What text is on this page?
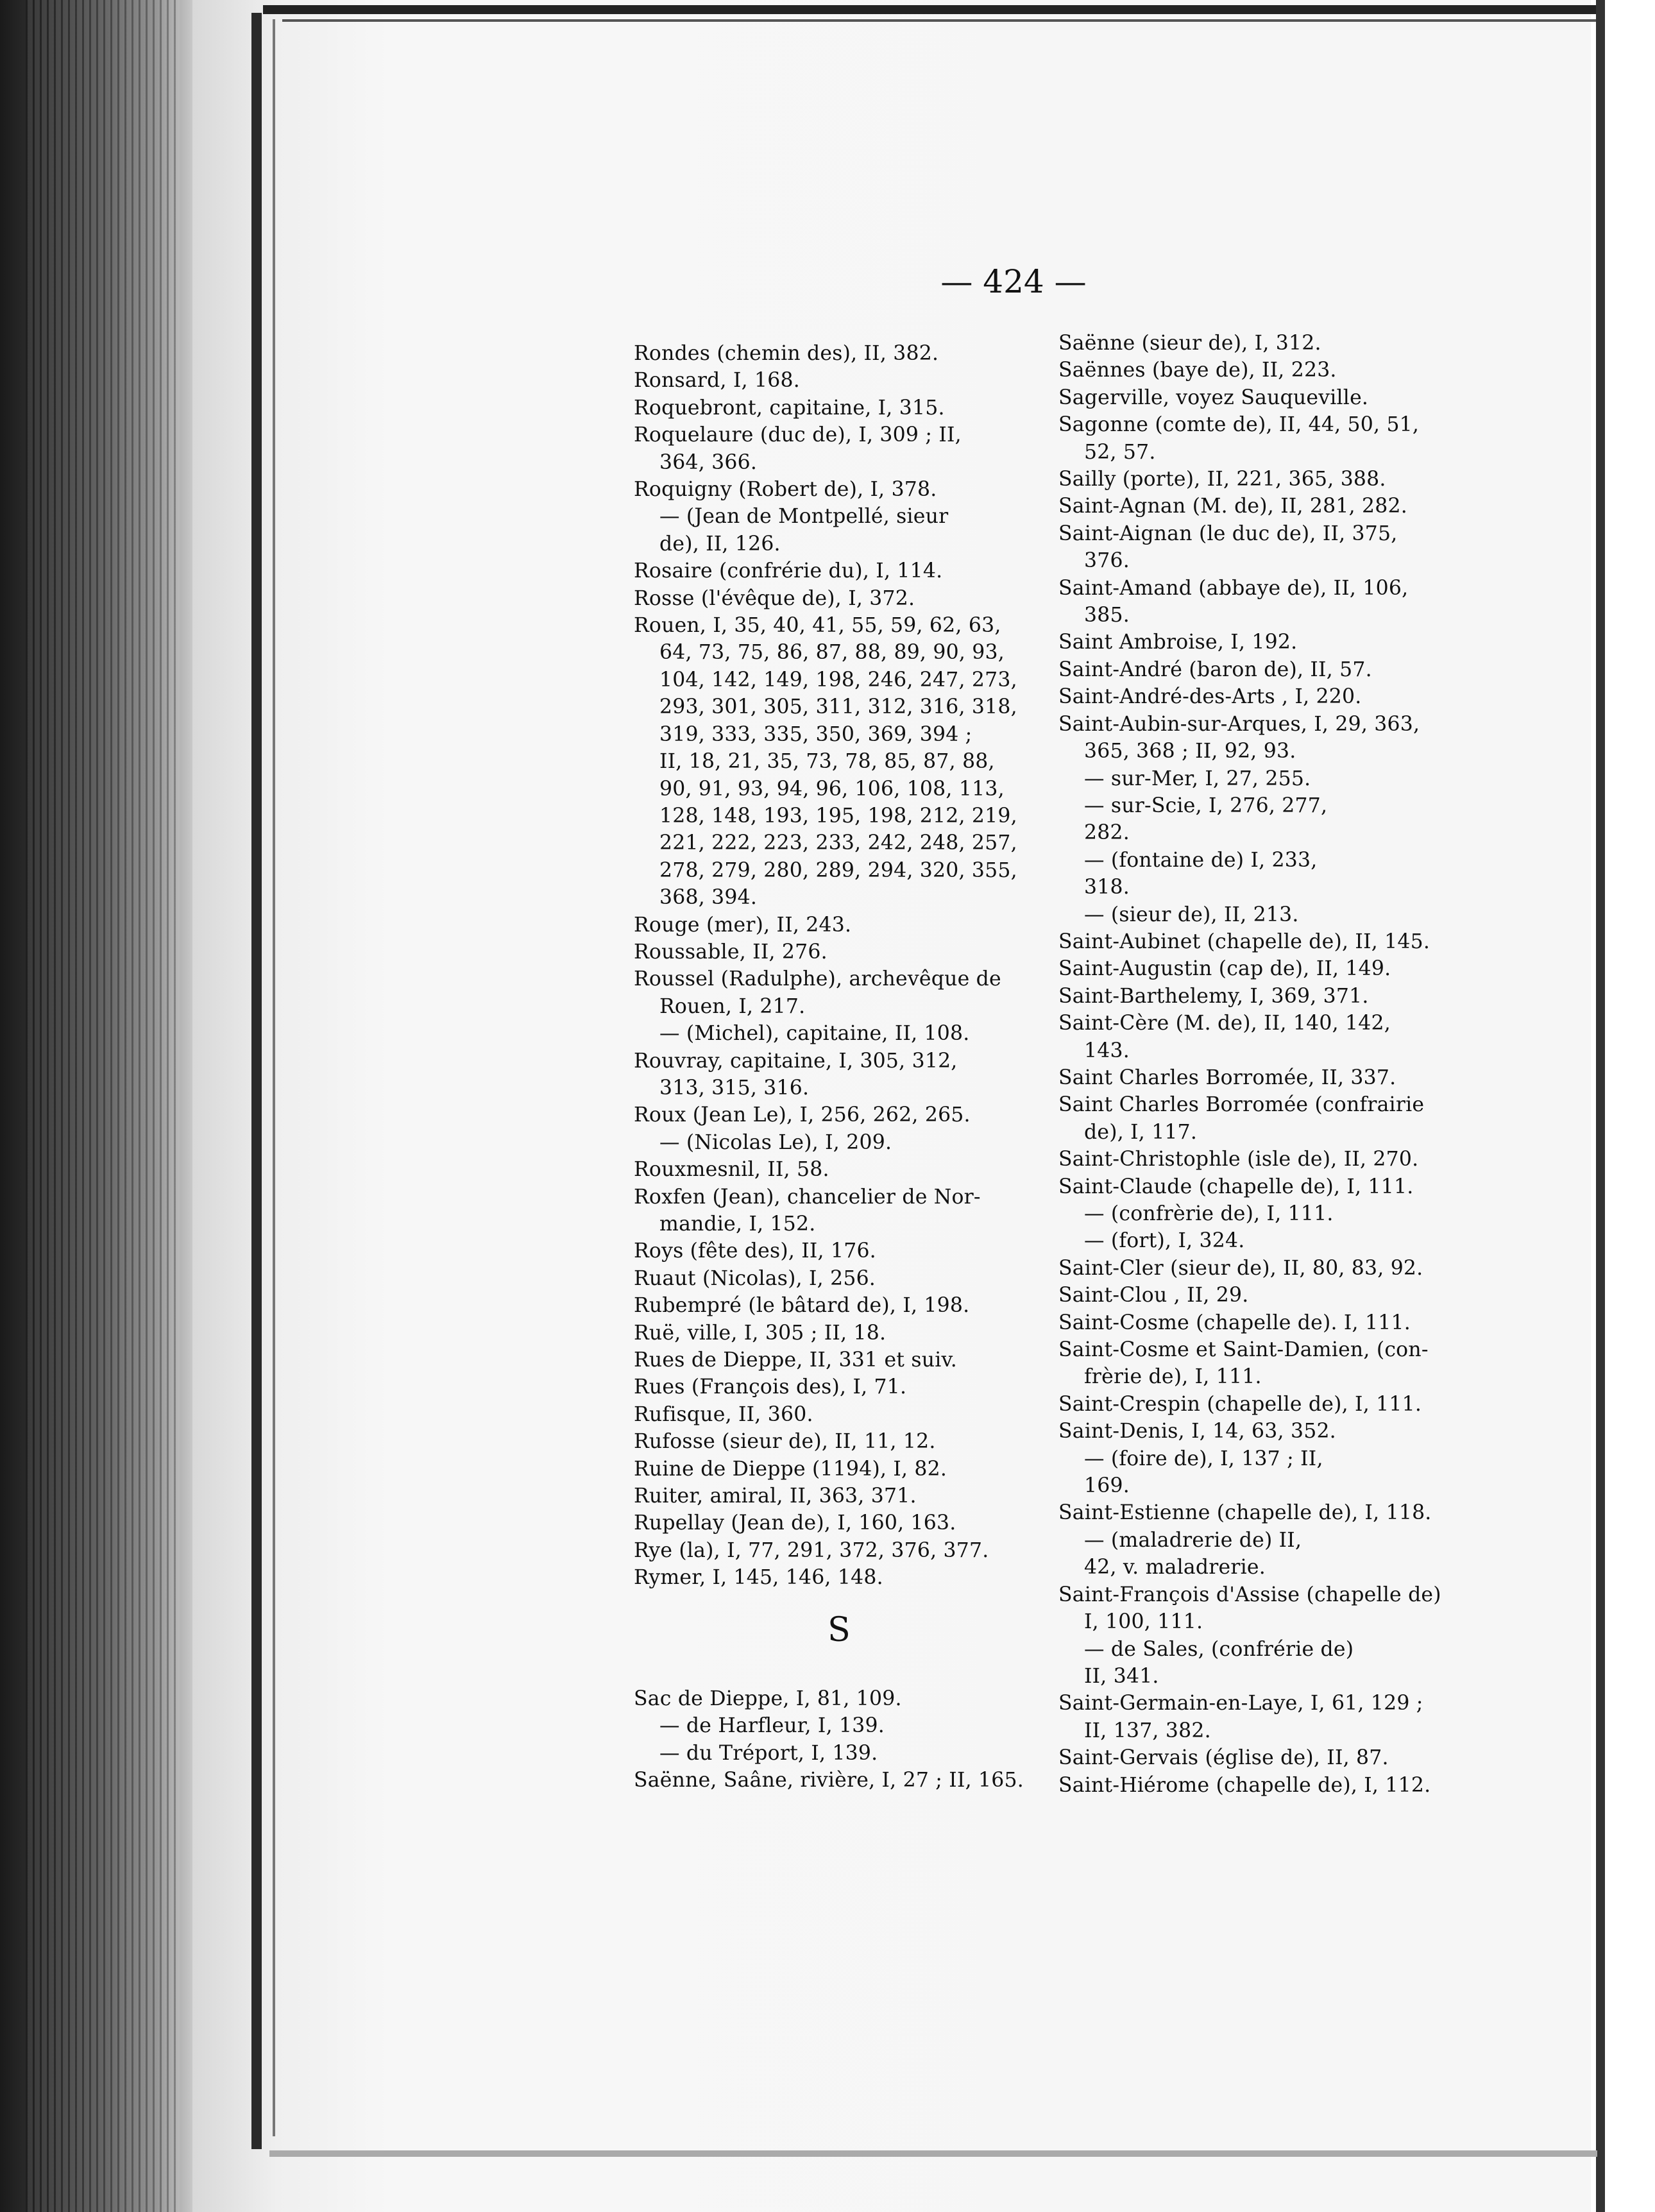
— 424 —
Rondes (chemin des), II, 382.
Ronsard, I, 168.
Roquebront, capitaine, I, 315.
Roquelaure (duc de), I, 309 ; II,
364, 366.
Roquigny (Robert de), I, 378.
— (Jean de Montpellé, sieur
de), II, 126.
Rosaire (confrérie du), I, 114.
Rosse (l'évêque de), I, 372.
Rouen, I, 35, 40, 41, 55, 59, 62, 63,
64, 73, 75, 86, 87, 88, 89, 90, 93,
104, 142, 149, 198, 246, 247, 273,
293, 301, 305, 311, 312, 316, 318,
319, 333, 335, 350, 369, 394 ;
II, 18, 21, 35, 73, 78, 85, 87, 88,
90, 91, 93, 94, 96, 106, 108, 113,
128, 148, 193, 195, 198, 212, 219,
221, 222, 223, 233, 242, 248, 257,
278, 279, 280, 289, 294, 320, 355,
368, 394.
Rouge (mer), II, 243.
Roussable, II, 276.
Roussel (Radulphe), archevêque de
Rouen, I, 217.
— (Michel), capitaine, II, 108.
Rouvray, capitaine, I, 305, 312,
313, 315, 316.
Roux (Jean Le), I, 256, 262, 265.
— (Nicolas Le), I, 209.
Rouxmesnil, II, 58.
Roxfen (Jean), chancelier de Nor-
mandie, I, 152.
Roys (fête des), II, 176.
Ruaut (Nicolas), I, 256.
Rubempré (le bâtard de), I, 198.
Ruë, ville, I, 305 ; II, 18.
Rues de Dieppe, II, 331 et suiv.
Rues (François des), I, 71.
Rufisque, II, 360.
Rufosse (sieur de), II, 11, 12.
Ruine de Dieppe (1194), I, 82.
Ruiter, amiral, II, 363, 371.
Rupellay (Jean de), I, 160, 163.
Rye (la), I, 77, 291, 372, 376, 377.
Rymer, I, 145, 146, 148.
S
Sac de Dieppe, I, 81, 109.
— de Harfleur, I, 139.
— du Tréport, I, 139.
Saënne, Saâne, rivière, I, 27 ; II, 165.
Saënne (sieur de), I, 312.
Saënnes (baye de), II, 223.
Sagerville, voyez Sauqueville.
Sagonne (comte de), II, 44, 50, 51,
52, 57.
Sailly (porte), II, 221, 365, 388.
Saint-Agnan (M. de), II, 281, 282.
Saint-Aignan (le duc de), II, 375,
376.
Saint-Amand (abbaye de), II, 106,
385.
Saint Ambroise, I, 192.
Saint-André (baron de), II, 57.
Saint-André-des-Arts , I, 220.
Saint-Aubin-sur-Arques, I, 29, 363,
365, 368 ; II, 92, 93.
— sur-Mer, I, 27, 255.
— sur-Scie, I, 276, 277,
282.
— (fontaine de) I, 233,
318.
— (sieur de), II, 213.
Saint-Aubinet (chapelle de), II, 145.
Saint-Augustin (cap de), II, 149.
Saint-Barthelemy, I, 369, 371.
Saint-Cère (M. de), II, 140, 142,
143.
Saint Charles Borromée, II, 337.
Saint Charles Borromée (confrairie
de), I, 117.
Saint-Christophle (isle de), II, 270.
Saint-Claude (chapelle de), I, 111.
— (confrèrie de), I, 111.
— (fort), I, 324.
Saint-Cler (sieur de), II, 80, 83, 92.
Saint-Clou , II, 29.
Saint-Cosme (chapelle de). I, 111.
Saint-Cosme et Saint-Damien, (con-
frèrie de), I, 111.
Saint-Crespin (chapelle de), I, 111.
Saint-Denis, I, 14, 63, 352.
— (foire de), I, 137 ; II,
169.
Saint-Estienne (chapelle de), I, 118.
— (maladrerie de) II,
42, v. maladrerie.
Saint-François d'Assise (chapelle de)
I, 100, 111.
— de Sales, (confrérie de)
II, 341.
Saint-Germain-en-Laye, I, 61, 129 ;
II, 137, 382.
Saint-Gervais (église de), II, 87.
Saint-Hiérome (chapelle de), I, 112.
